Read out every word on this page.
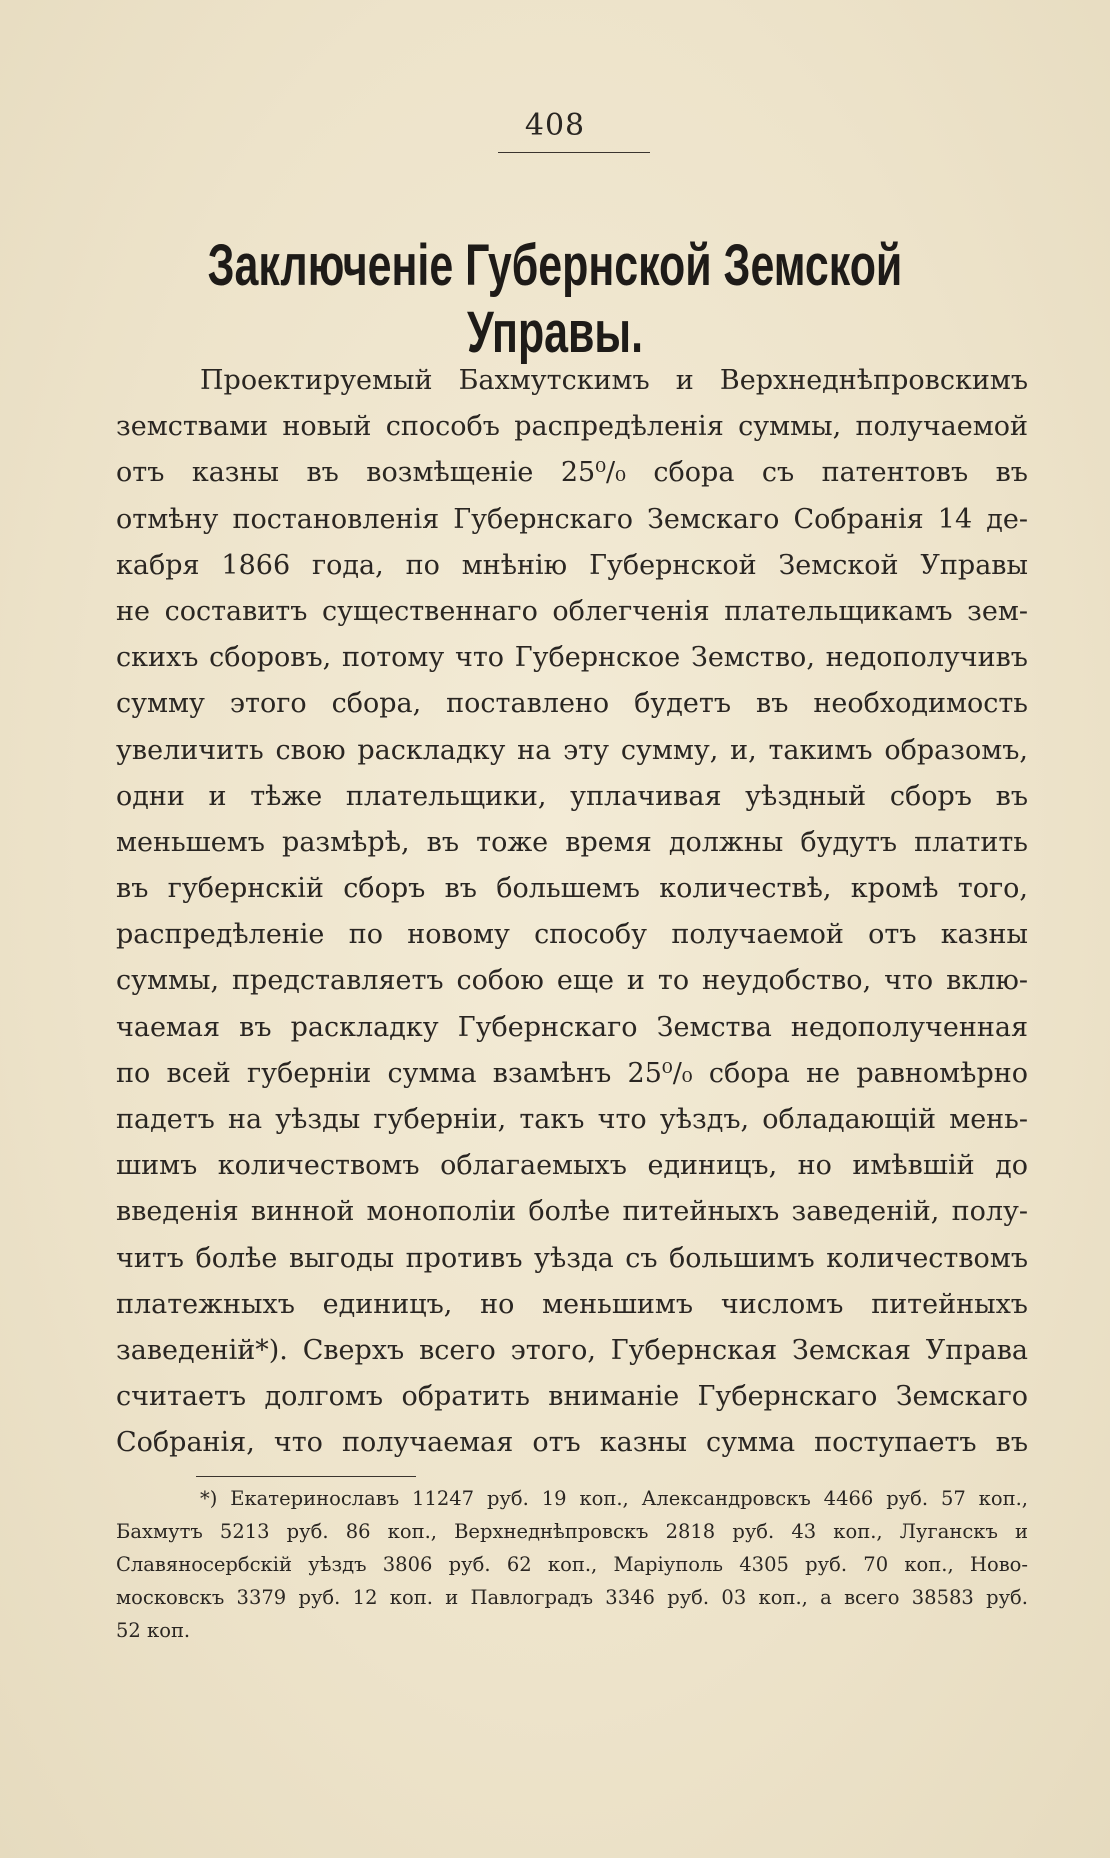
408
Заключенiе Губернской Земской Управы.
Проектируемый Бахмутскимъ и Верхнеднѣпровскимъ
земствами новый способъ распредѣленія суммы, получаемой
отъ казны въ возмѣщеніе 25⁰/₀ сбора съ патентовъ въ
отмѣну постановленія Губернскаго Земскаго Собранія 14 де-
кабря 1866 года, по мнѣнію Губернской Земской Управы
не составитъ существеннаго облегченія плательщикамъ зем-
скихъ сборовъ, потому что Губернское Земство, недополучивъ
сумму этого сбора, поставлено будетъ въ необходимость
увеличить свою раскладку на эту сумму, и, такимъ образомъ,
одни и тѣже плательщики, уплачивая уѣздный сборъ въ
меньшемъ размѣрѣ, въ тоже время должны будутъ платить
въ губернскій сборъ въ большемъ количествѣ, кромѣ того,
распредѣленіе по новому способу получаемой отъ казны
суммы, представляетъ собою еще и то неудобство, что вклю-
чаемая въ раскладку Губернскаго Земства недополученная
по всей губерніи сумма взамѣнъ 25⁰/₀ сбора не равномѣрно
падетъ на уѣзды губерніи, такъ что уѣздъ, обладающій мень-
шимъ количествомъ облагаемыхъ единицъ, но имѣвшій до
введенія винной монополіи болѣе питейныхъ заведеній, полу-
читъ болѣе выгоды противъ уѣзда съ большимъ количествомъ
платежныхъ единицъ, но меньшимъ числомъ питейныхъ
заведеній*). Сверхъ всего этого, Губернская Земская Управа
считаетъ долгомъ обратить вниманіе Губернскаго Земскаго
Собранія, что получаемая отъ казны сумма поступаетъ въ
*) Екатеринославъ 11247 руб. 19 коп., Александровскъ 4466 руб. 57 коп.,
Бахмутъ 5213 руб. 86 коп., Верхнеднѣпровскъ 2818 руб. 43 коп., Луганскъ и
Славяносербскій уѣздъ 3806 руб. 62 коп., Маріуполь 4305 руб. 70 коп., Ново-
московскъ 3379 руб. 12 коп. и Павлоградъ 3346 руб. 03 коп., а всего 38583 руб.
52 коп.
